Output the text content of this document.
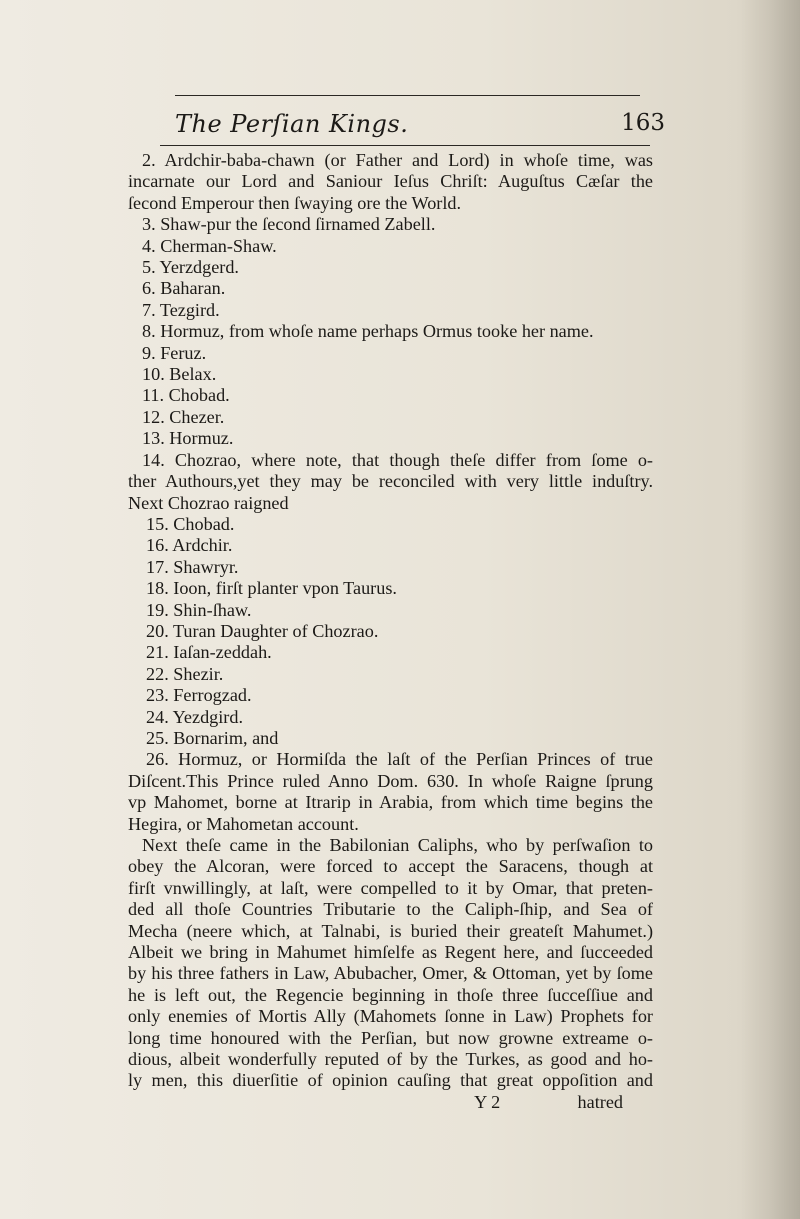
The Perſian Kings.	163
2. Ardchir-baba-chawn (or Father and Lord) in whoſe time, was
incarnate our Lord and Saniour Ieſus Chriſt: Auguſtus Cæſar the
ſecond Emperour then ſwaying ore the World.
3. Shaw-pur the ſecond ſirnamed Zabell.
4. Cherman-Shaw.
5. Yerzdgerd.
6. Baharan.
7. Tezgird.
8. Hormuz, from whoſe name perhaps Ormus tooke her name.
9. Feruz.
10. Belax.
11. Chobad.
12. Chezer.
13. Hormuz.
14. Chozrao, where note, that though theſe differ from ſome o-
ther Authours,yet they may be reconciled with very little induſtry.
Next Chozrao raigned
15. Chobad.
16. Ardchir.
17. Shawryr.
18. Ioon, firſt planter vpon Taurus.
19. Shin-ſhaw.
20. Turan Daughter of Chozrao.
21. Iaſan-zeddah.
22. Shezir.
23. Ferrogzad.
24. Yezdgird.
25. Bornarim, and
26. Hormuz, or Hormiſda the laſt of the Perſian Princes of true
Diſcent.This Prince ruled Anno Dom. 630. In whoſe Raigne ſprung
vp Mahomet, borne at Itrarip in Arabia, from which time begins the
Hegira, or Mahometan account.
Next theſe came in the Babilonian Caliphs, who by perſwaſion to
obey the Alcoran, were forced to accept the Saracens, though at
firſt vnwillingly, at laſt, were compelled to it by Omar, that preten-
ded all thoſe Countries Tributarie to the Caliph-ſhip, and Sea of
Mecha (neere which, at Talnabi, is buried their greateſt Mahumet.)
Albeit we bring in Mahumet himſelfe as Regent here, and ſucceeded
by his three fathers in Law, Abubacher, Omer, & Ottoman, yet by ſome
he is left out, the Regencie beginning in thoſe three ſucceſſiue and
only enemies of Mortis Ally (Mahomets ſonne in Law) Prophets for
long time honoured with the Perſian, but now growne extreame o-
dious, albeit wonderfully reputed of by the Turkes, as good and ho-
ly men, this diuerſitie of opinion cauſing that great oppoſition and
Y 2	hatred
